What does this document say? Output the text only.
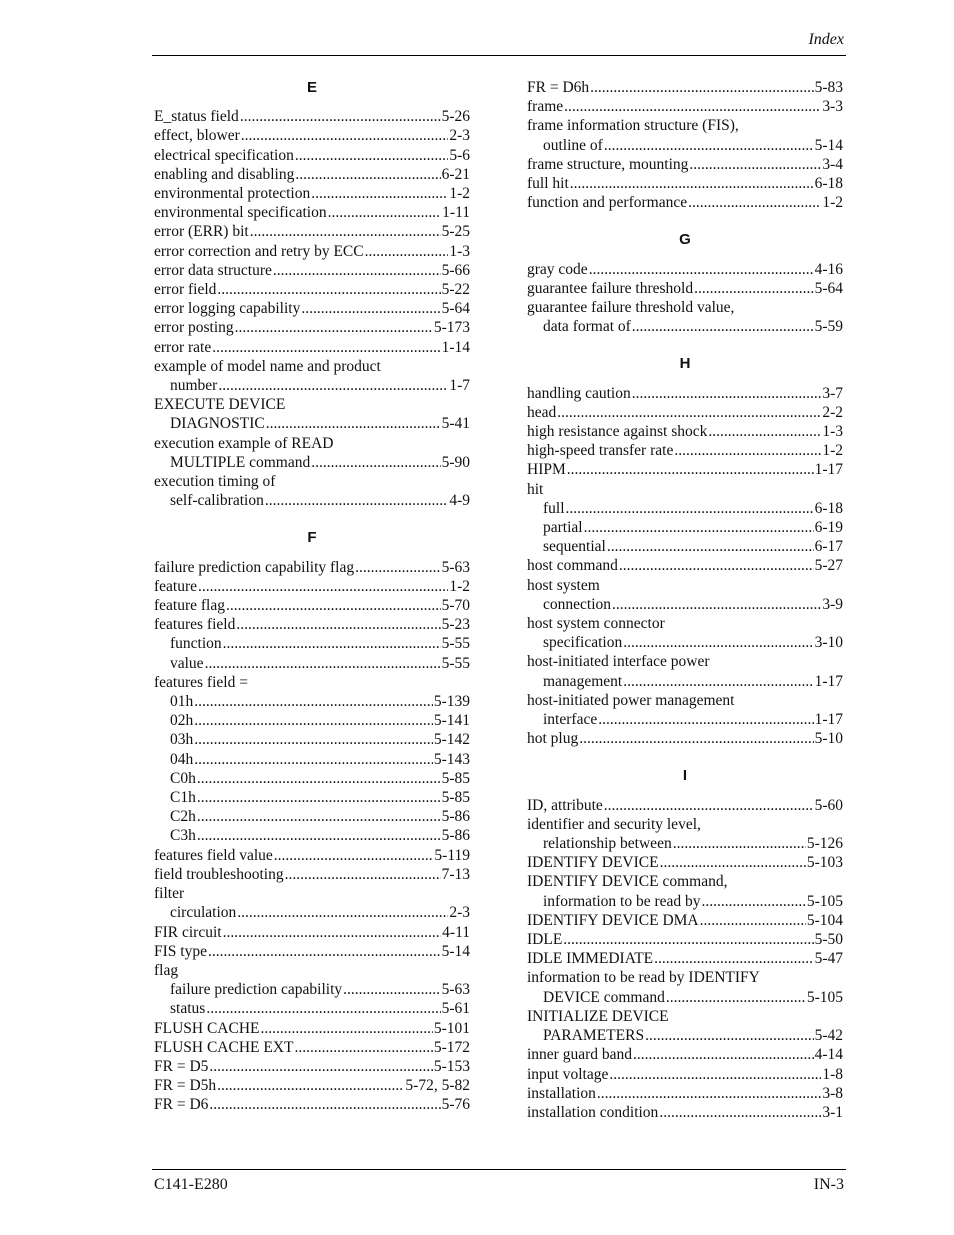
Index
E
E_status field .....	5-26
effect, blower .....	2-3
electrical specification .....	5-6
enabling and disabling .....	6-21
environmental protection .....	1-2
environmental specification .....	1-11
error (ERR) bit .....	5-25
error correction and retry by ECC .....	1-3
error data structure .....	5-66
error field .....	5-22
error logging capability .....	5-64
error posting .....	5-173
error rate .....	1-14
example of model name and product
number .....	1-7
EXECUTE DEVICE
DIAGNOSTIC .....	5-41
execution example of READ
MULTIPLE command .....	5-90
execution timing of
self-calibration .....	4-9
F
failure prediction capability flag .....	5-63
feature .....	1-2
feature flag .....	5-70
features field .....	5-23
function .....	5-55
value .....	5-55
features field =
01h .....	5-139
02h .....	5-141
03h .....	5-142
04h .....	5-143
C0h .....	5-85
C1h .....	5-85
C2h .....	5-86
C3h .....	5-86
features field value .....	5-119
field troubleshooting .....	7-13
filter
circulation .....	2-3
FIR circuit .....	4-11
FIS type .....	5-14
flag
failure prediction capability .....	5-63
status .....	5-61
FLUSH CACHE .....	5-101
FLUSH CACHE EXT .....	5-172
FR = D5 .....	5-153
FR = D5h .....	5-72, 5-82
FR = D6 .....	5-76
FR = D6h .....	5-83
frame .....	3-3
frame information structure (FIS),
outline of .....	5-14
frame structure, mounting .....	3-4
full hit .....	6-18
function and performance .....	1-2
G
gray code .....	4-16
guarantee failure threshold .....	5-64
guarantee failure threshold value,
data format of .....	5-59
H
handling caution .....	3-7
head .....	2-2
high resistance against shock .....	1-3
high-speed transfer rate .....	1-2
HIPM .....	1-17
hit
full .....	6-18
partial .....	6-19
sequential .....	6-17
host command .....	5-27
host system
connection .....	3-9
host system connector
specification .....	3-10
host-initiated interface power
management .....	1-17
host-initiated power management
interface .....	1-17
hot plug .....	5-10
I
ID, attribute .....	5-60
identifier and security level,
relationship between .....	5-126
IDENTIFY DEVICE .....	5-103
IDENTIFY DEVICE command,
information to be read by .....	5-105
IDENTIFY DEVICE DMA .....	5-104
IDLE .....	5-50
IDLE IMMEDIATE .....	5-47
information to be read by IDENTIFY
DEVICE command .....	5-105
INITIALIZE DEVICE
PARAMETERS .....	5-42
inner guard band .....	4-14
input voltage .....	1-8
installation .....	3-8
installation condition .....	3-1
C141-E280	IN-3
